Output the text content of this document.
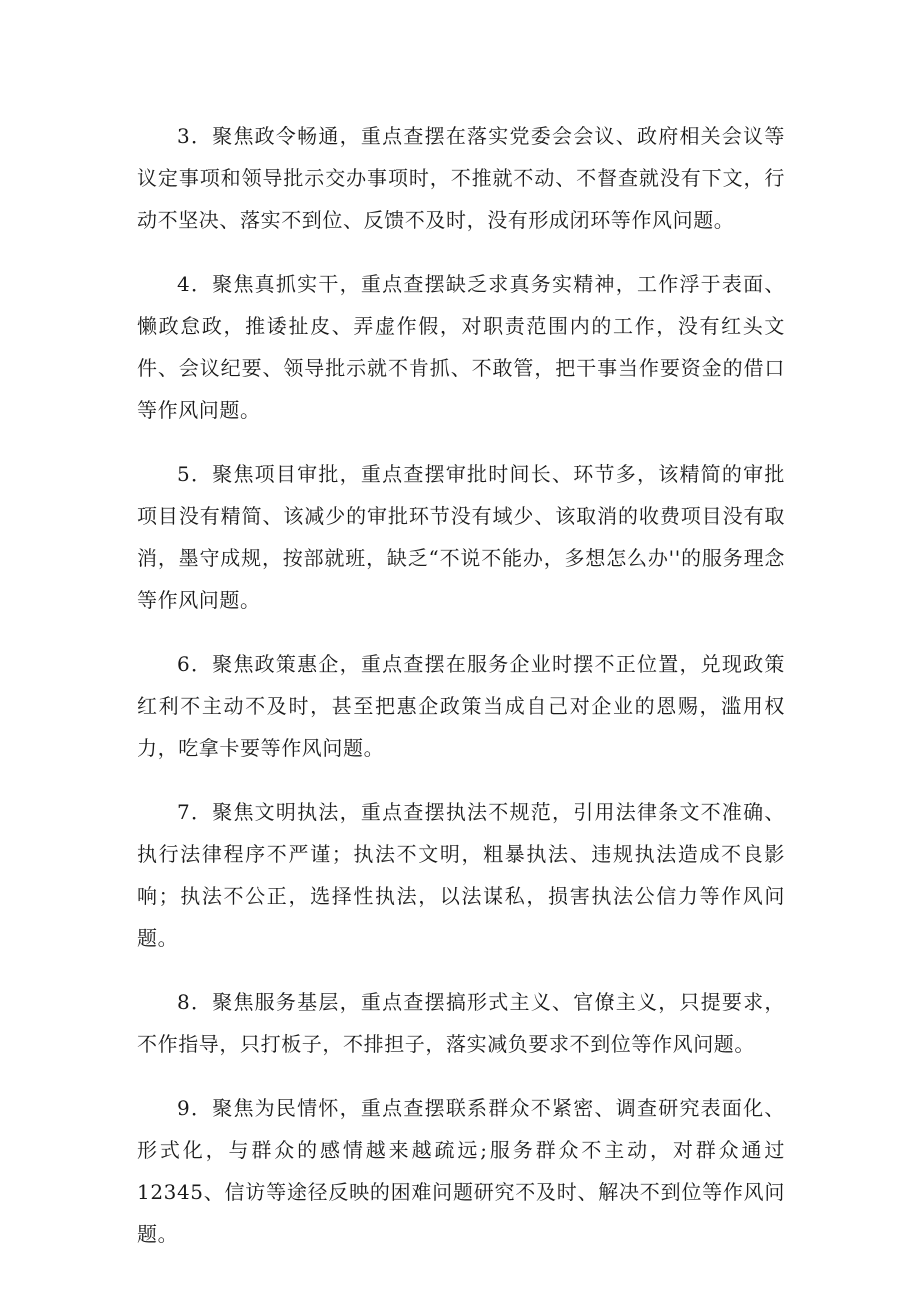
3．聚焦政令畅通，重点查摆在落实党委会会议、政府相关会议等议定事项和领导批示交办事项时，不推就不动、不督查就没有下文，行动不坚决、落实不到位、反馈不及时，没有形成闭环等作风问题。

4．聚焦真抓实干，重点查摆缺乏求真务实精神，工作浮于表面、懒政怠政，推诿扯皮、弄虚作假，对职责范围内的工作，没有红头文件、会议纪要、领导批示就不肯抓、不敢管，把干事当作要资金的借口等作风问题。

5．聚焦项目审批，重点查摆审批时间长、环节多，该精简的审批项目没有精简、该减少的审批环节没有域少、该取消的收费项目没有取消，墨守成规，按部就班，缺乏“不说不能办，多想怎么办''的服务理念等作风问题。

6．聚焦政策惠企，重点查摆在服务企业时摆不正位置，兑现政策红利不主动不及时，甚至把惠企政策当成自己对企业的恩赐，滥用权力，吃拿卡要等作风问题。

7．聚焦文明执法，重点查摆执法不规范，引用法律条文不准确、执行法律程序不严谨；执法不文明，粗暴执法、违规执法造成不良影响；执法不公正，选择性执法，以法谋私，损害执法公信力等作风问题。

8．聚焦服务基层，重点查摆搞形式主义、官僚主义，只提要求，不作指导，只打板子，不排担子，落实减负要求不到位等作风问题。

9．聚焦为民情怀，重点查摆联系群众不紧密、调查研究表面化、形式化，与群众的感情越来越疏远;服务群众不主动，对群众通过12345、信访等途径反映的困难问题研究不及时、解决不到位等作风问题。
